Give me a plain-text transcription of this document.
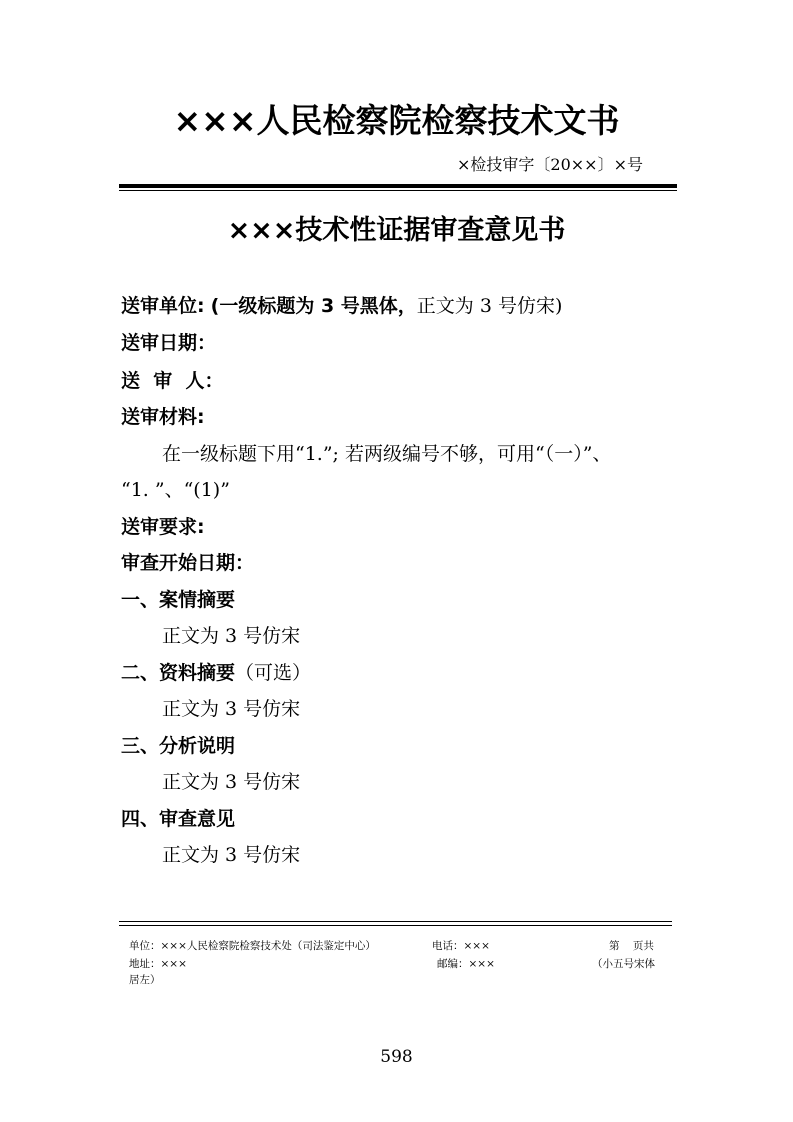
×××人民检察院检察技术文书
×检技审字〔20××〕×号
×××技术性证据审查意见书
送审单位: (一级标题为 3 号黑体，正文为 3 号仿宋)
送审日期：
送  审  人：
送审材料:
在一级标题下用“1.”; 若两级编号不够，可用“（一）”、
“1. ”、“(1)”
送审要求:
审查开始日期：
一、案情摘要
正文为 3 号仿宋
二、资料摘要（可选）
正文为 3 号仿宋
三、分析说明
正文为 3 号仿宋
四、审查意见
正文为 3 号仿宋
单位：×××人民检察院检察技术处（司法鉴定中心）	电话：×××	第    页共
地址：×××	邮编：×××	（小五号宋体
居左）
598
